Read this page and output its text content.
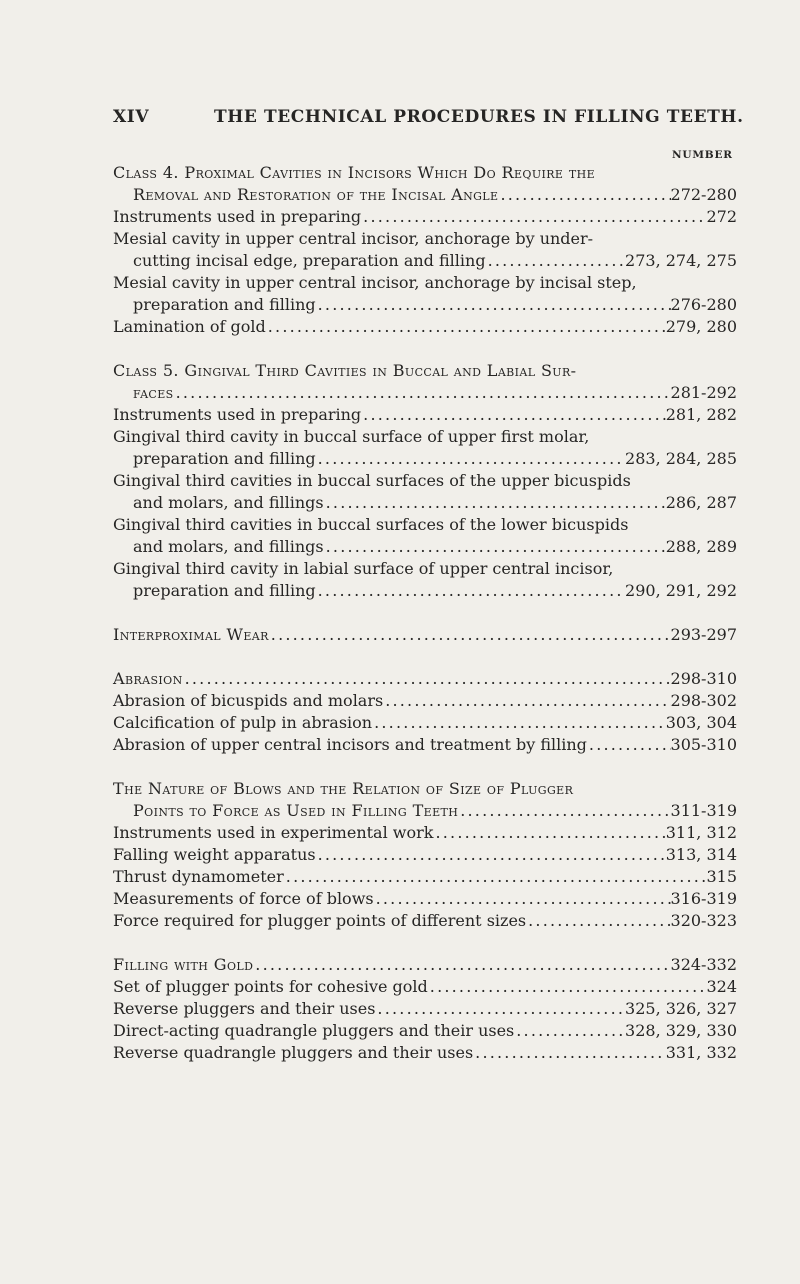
XIV	THE TECHNICAL PROCEDURES IN FILLING TEETH.
NUMBER
Class 4. Proximal Cavities in Incisors Which Do Require the
Removal and Restoration of the Incisal Angle .....	272-280
Instruments used in preparing .....	272
Mesial cavity in upper central incisor, anchorage by under-
cutting incisal edge, preparation and filling .....	273, 274, 275
Mesial cavity in upper central incisor, anchorage by incisal step,
preparation and filling .....	276-280
Lamination of gold .....	279, 280
Class 5. Gingival Third Cavities in Buccal and Labial Sur-
faces .....	281-292
Instruments used in preparing .....	281, 282
Gingival third cavity in buccal surface of upper first molar,
preparation and filling .....	283, 284, 285
Gingival third cavities in buccal surfaces of the upper bicuspids
and molars, and fillings .....	286, 287
Gingival third cavities in buccal surfaces of the lower bicuspids
and molars, and fillings .....	288, 289
Gingival third cavity in labial surface of upper central incisor,
preparation and filling .....	290, 291, 292
Interproximal Wear .....	293-297
Abrasion .....	298-310
Abrasion of bicuspids and molars .....	298-302
Calcification of pulp in abrasion .....	303, 304
Abrasion of upper central incisors and treatment by filling .....	305-310
The Nature of Blows and the Relation of Size of Plugger
Points to Force as Used in Filling Teeth .....	311-319
Instruments used in experimental work .....	311, 312
Falling weight apparatus .....	313, 314
Thrust dynamometer .....	315
Measurements of force of blows .....	316-319
Force required for plugger points of different sizes .....	320-323
Filling with Gold .....	324-332
Set of plugger points for cohesive gold .....	324
Reverse pluggers and their uses .....	325, 326, 327
Direct-acting quadrangle pluggers and their uses .....	328, 329, 330
Reverse quadrangle pluggers and their uses .....	331, 332
